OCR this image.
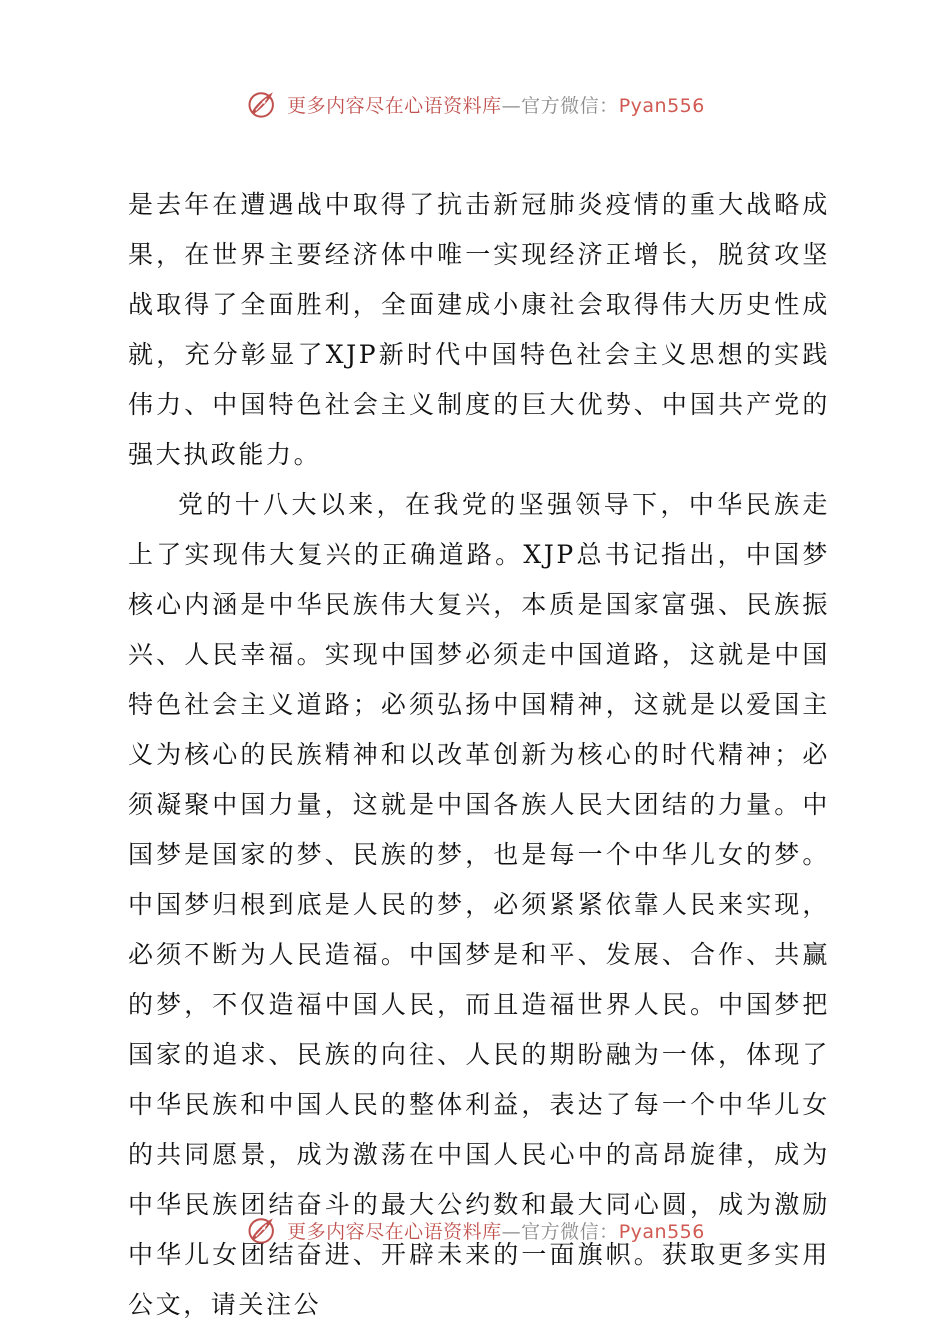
更多内容尽在心语资料库—官方微信：Pyan556

是去年在遭遇战中取得了抗击新冠肺炎疫情的重大战略成果，在世界主要经济体中唯一实现经济正增长，脱贫攻坚战取得了全面胜利，全面建成小康社会取得伟大历史性成就，充分彰显了XJP新时代中国特色社会主义思想的实践伟力、中国特色社会主义制度的巨大优势、中国共产党的强大执政能力。

党的十八大以来，在我党的坚强领导下，中华民族走上了实现伟大复兴的正确道路。XJP总书记指出，中国梦核心内涵是中华民族伟大复兴，本质是国家富强、民族振兴、人民幸福。实现中国梦必须走中国道路，这就是中国特色社会主义道路；必须弘扬中国精神，这就是以爱国主义为核心的民族精神和以改革创新为核心的时代精神；必须凝聚中国力量，这就是中国各族人民大团结的力量。中国梦是国家的梦、民族的梦，也是每一个中华儿女的梦。中国梦归根到底是人民的梦，必须紧紧依靠人民来实现，必须不断为人民造福。中国梦是和平、发展、合作、共赢的梦，不仅造福中国人民，而且造福世界人民。中国梦把国家的追求、民族的向往、人民的期盼融为一体，体现了中华民族和中国人民的整体利益，表达了每一个中华儿女的共同愿景，成为激荡在中国人民心中的高昂旋律，成为中华民族团结奋斗的最大公约数和最大同心圆，成为激励中华儿女团结奋进、开辟未来的一面旗帜。获取更多实用公文，请关注公

更多内容尽在心语资料库—官方微信：Pyan556
